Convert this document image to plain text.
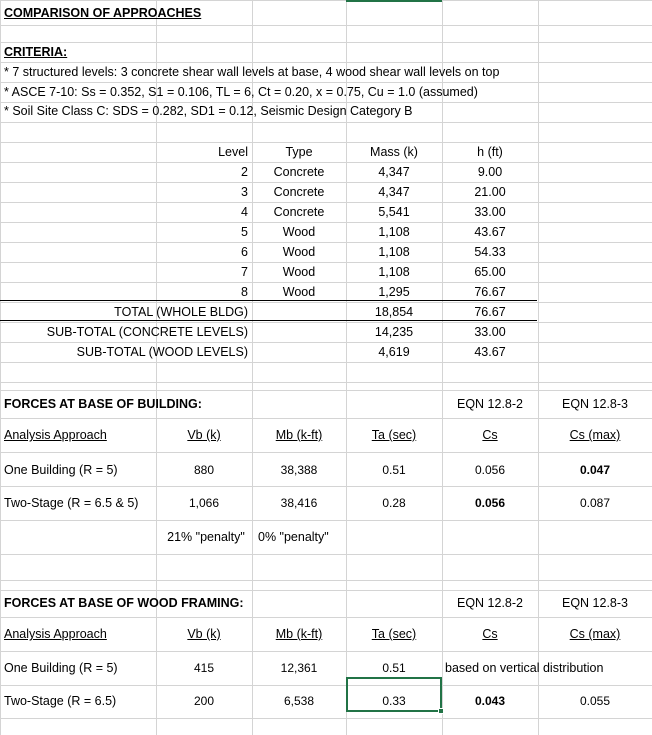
COMPARISON OF APPROACHES
CRITERIA:
* 7 structured levels: 3 concrete shear wall levels at base, 4 wood shear wall levels on top
* ASCE 7-10: Ss = 0.352, S1 = 0.106, TL = 6, Ct = 0.20, x = 0.75, Cu = 1.0 (assumed)
* Soil Site Class C: SDS = 0.282, SD1 = 0.12, Seismic Design Category B
Level	Type	Mass (k)	h (ft)
2	Concrete	4,347	9.00
3	Concrete	4,347	21.00
4	Concrete	5,541	33.00
5	Wood	1,108	43.67
6	Wood	1,108	54.33
7	Wood	1,108	65.00
8	Wood	1,295	76.67
TOTAL (WHOLE BLDG)	18,854	76.67
SUB-TOTAL (CONCRETE LEVELS)	14,235	33.00
SUB-TOTAL (WOOD LEVELS)	4,619	43.67
FORCES AT BASE OF BUILDING:	EQN 12.8-2	EQN 12.8-3
Analysis Approach	Vb (k)	Mb (k-ft)	Ta (sec)	Cs	Cs (max)
One Building (R = 5)	880	38,388	0.51	0.056	0.047
Two-Stage (R = 6.5 & 5)	1,066	38,416	0.28	0.056	0.087
21% "penalty"	0% "penalty"
FORCES AT BASE OF WOOD FRAMING:	EQN 12.8-2	EQN 12.8-3
Analysis Approach	Vb (k)	Mb (k-ft)	Ta (sec)	Cs	Cs (max)
One Building (R = 5)	415	12,361	0.51	based on vertical distribution
Two-Stage (R = 6.5)	200	6,538	0.33	0.043	0.055
